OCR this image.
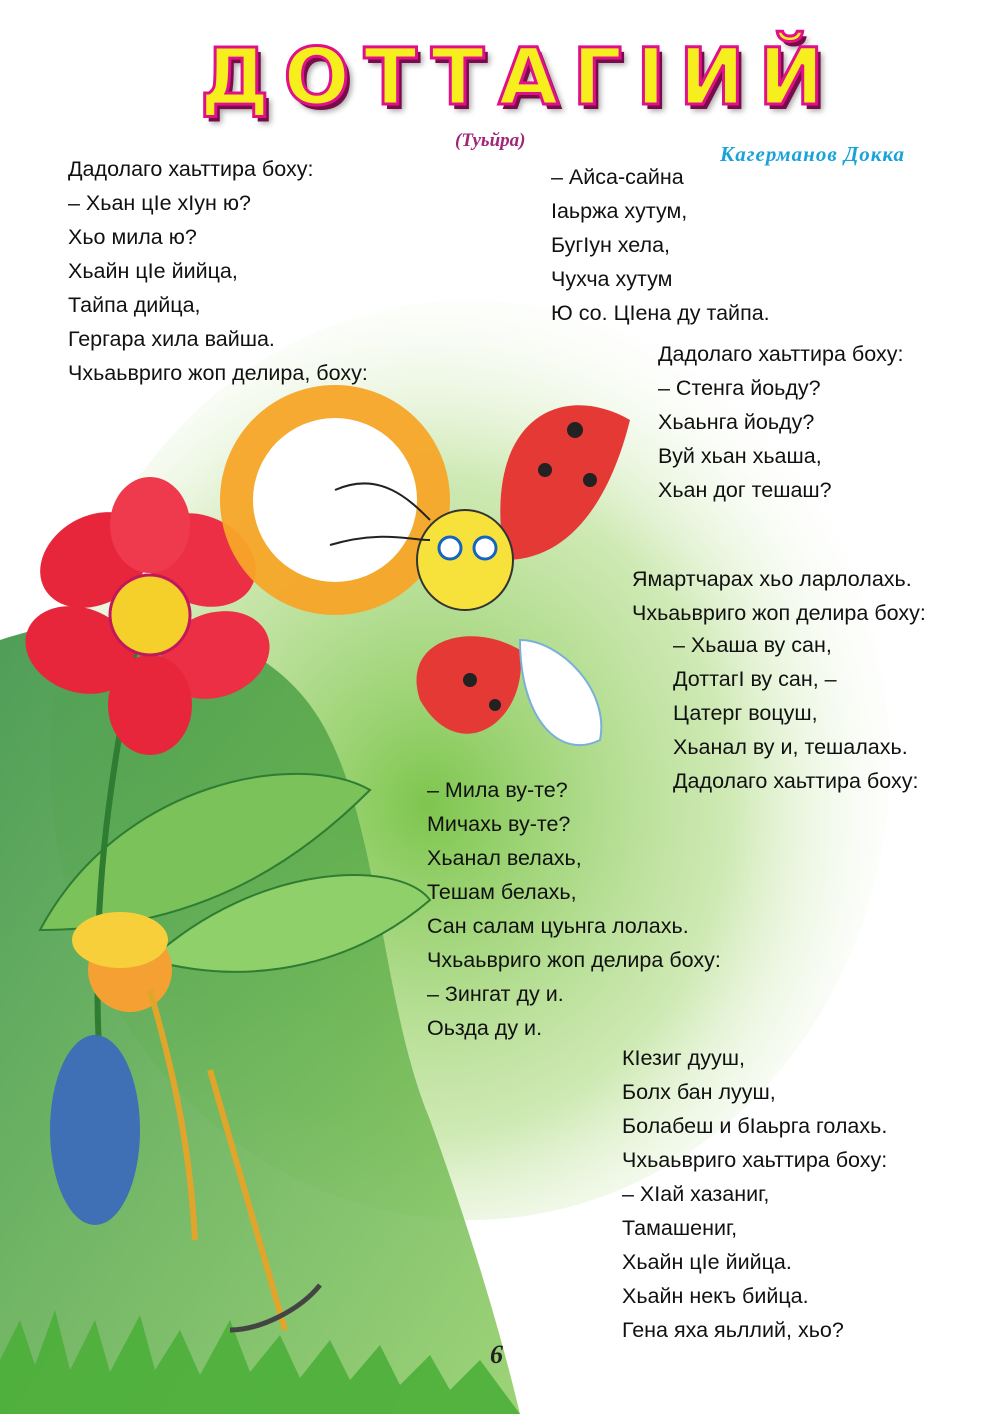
ДОТТАГIИЙ
(Туьйра)
Кагерманов Докка
Дадолаго хаьттира боху:
– Хьан цIе хIун ю?
Хьо мила ю?
Хьайн цIе йийца,
Тайпа дийца,
Гергара хила вайша.
Чхьаьвриго жоп делира, боху:
– Айса-сайна
Iаьржа хутум,
БугIун хела,
Чухча хутум
Ю со. ЦIена ду тайпа.
Дадолаго хаьттира боху:
– Стенга йоьду?
Хьаьнга йоьду?
Вуй хьан хьаша,
Хьан дог тешаш?
Ямартчарах хьо ларлолахь.
Чхьаьвриго жоп делира боху:
– Хьаша ву сан,
ДоттагI ву сан, –
Цатерг воцуш,
Хьанал ву и, тешалахь.
Дадолаго хаьттира боху:
– Мила ву-те?
Мичахь ву-те?
Хьанал велахь,
Тешам белахь,
Сан салам цуьнга лолахь.
Чхьаьвриго жоп делира боху:
– Зингат ду и.
Оьзда ду и.
КIезиг дууш,
Болх бан лууш,
Болабеш и бIаьрга голахь.
Чхьаьвриго хаьттира боху:
– ХIай хазаниг,
Тамашениг,
Хьайн цIе йийца.
Хьайн некъ бийца.
Гена яха яьллий, хьо?
6
